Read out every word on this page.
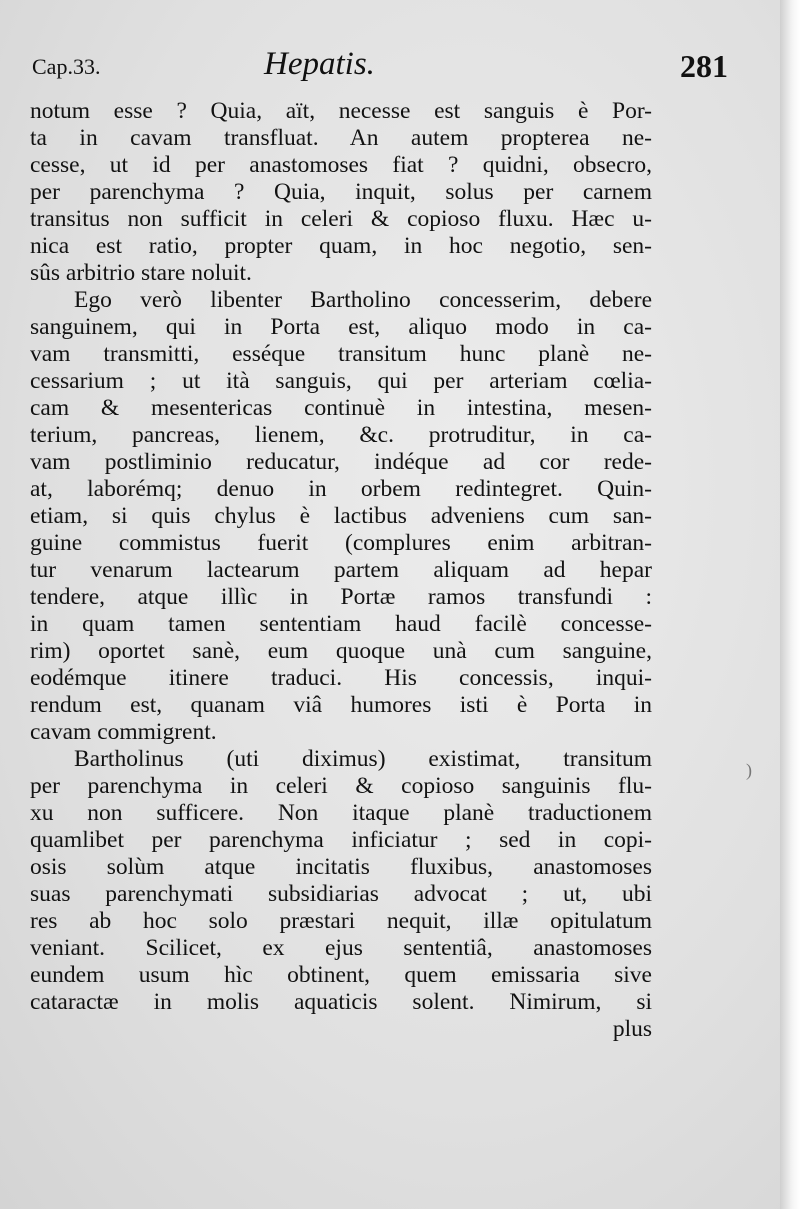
Cap.33.	Hepatis.	281
notum esse ? Quia, aït, necesse est sanguis è Por-
ta in cavam transfluat. An autem propterea ne-
cesse, ut id per anastomoses fiat ? quidni, obsecro,
per parenchyma ? Quia, inquit, solus per carnem
transitus non sufficit in celeri & copioso fluxu. Hæc u-
nica est ratio, propter quam, in hoc negotio, sen-
sûs arbitrio stare noluit.
Ego verò libenter Bartholino concesserim, debere
sanguinem, qui in Porta est, aliquo modo in ca-
vam transmitti, esséque transitum hunc planè ne-
cessarium ; ut ità sanguis, qui per arteriam cœlia-
cam & mesentericas continuè in intestina, mesen-
terium, pancreas, lienem, &c. protruditur, in ca-
vam postliminio reducatur, indéque ad cor rede-
at, laborémq; denuo in orbem redintegret. Quin-
etiam, si quis chylus è lactibus adveniens cum san-
guine commistus fuerit (complures enim arbitran-
tur venarum lactearum partem aliquam ad hepar
tendere, atque illìc in Portæ ramos transfundi :
in quam tamen sententiam haud facilè concesse-
rim) oportet sanè, eum quoque unà cum sanguine,
eodémque itinere traduci. His concessis, inqui-
rendum est, quanam viâ humores isti è Porta in
cavam commigrent.
Bartholinus (uti diximus) existimat, transitum
per parenchyma in celeri & copioso sanguinis flu-
xu non sufficere. Non itaque planè traductionem
quamlibet per parenchyma inficiatur ; sed in copi-
osis solùm atque incitatis fluxibus, anastomoses
suas parenchymati subsidiarias advocat ; ut, ubi
res ab hoc solo præstari nequit, illæ opitulatum
veniant. Scilicet, ex ejus sententiâ, anastomoses
eundem usum hìc obtinent, quem emissaria sive
cataractæ in molis aquaticis solent. Nimirum, si
plus
)
